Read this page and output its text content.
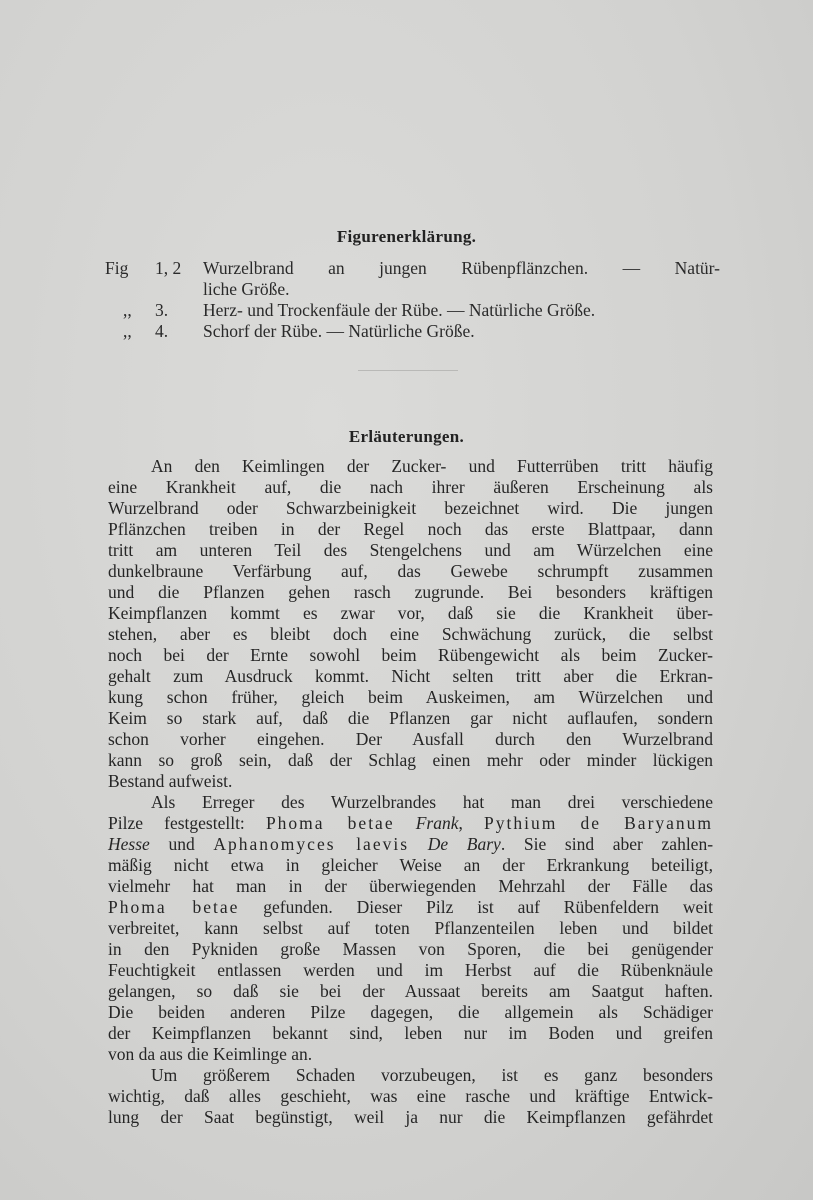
Figurenerklärung.
Fig	1, 2	Wurzelbrand an jungen Rübenpflänzchen. — Natür-
liche Größe.
,,	3.	Herz- und Trockenfäule der Rübe. — Natürliche Größe.
,,	4.	Schorf der Rübe. — Natürliche Größe.
Erläuterungen.
An den Keimlingen der Zucker- und Futterrüben tritt häufig
eine Krankheit auf, die nach ihrer äußeren Erscheinung als
Wurzelbrand oder Schwarzbeinigkeit bezeichnet wird. Die jungen
Pflänzchen treiben in der Regel noch das erste Blattpaar, dann
tritt am unteren Teil des Stengelchens und am Würzelchen eine
dunkelbraune Verfärbung auf, das Gewebe schrumpft zusammen
und die Pflanzen gehen rasch zugrunde. Bei besonders kräftigen
Keimpflanzen kommt es zwar vor, daß sie die Krankheit über-
stehen, aber es bleibt doch eine Schwächung zurück, die selbst
noch bei der Ernte sowohl beim Rübengewicht als beim Zucker-
gehalt zum Ausdruck kommt. Nicht selten tritt aber die Erkran-
kung schon früher, gleich beim Auskeimen, am Würzelchen und
Keim so stark auf, daß die Pflanzen gar nicht auflaufen, sondern
schon vorher eingehen. Der Ausfall durch den Wurzelbrand
kann so groß sein, daß der Schlag einen mehr oder minder lückigen
Bestand aufweist.
Als Erreger des Wurzelbrandes hat man drei verschiedene
Pilze festgestellt: Phoma betae Frank, Pythium de Baryanum
Hesse und Aphanomyces laevis De Bary. Sie sind aber zahlen-
mäßig nicht etwa in gleicher Weise an der Erkrankung beteiligt,
vielmehr hat man in der überwiegenden Mehrzahl der Fälle das
Phoma betae gefunden. Dieser Pilz ist auf Rübenfeldern weit
verbreitet, kann selbst auf toten Pflanzenteilen leben und bildet
in den Pykniden große Massen von Sporen, die bei genügender
Feuchtigkeit entlassen werden und im Herbst auf die Rübenknäule
gelangen, so daß sie bei der Aussaat bereits am Saatgut haften.
Die beiden anderen Pilze dagegen, die allgemein als Schädiger
der Keimpflanzen bekannt sind, leben nur im Boden und greifen
von da aus die Keimlinge an.
Um größerem Schaden vorzubeugen, ist es ganz besonders
wichtig, daß alles geschieht, was eine rasche und kräftige Entwick-
lung der Saat begünstigt, weil ja nur die Keimpflanzen gefährdet
